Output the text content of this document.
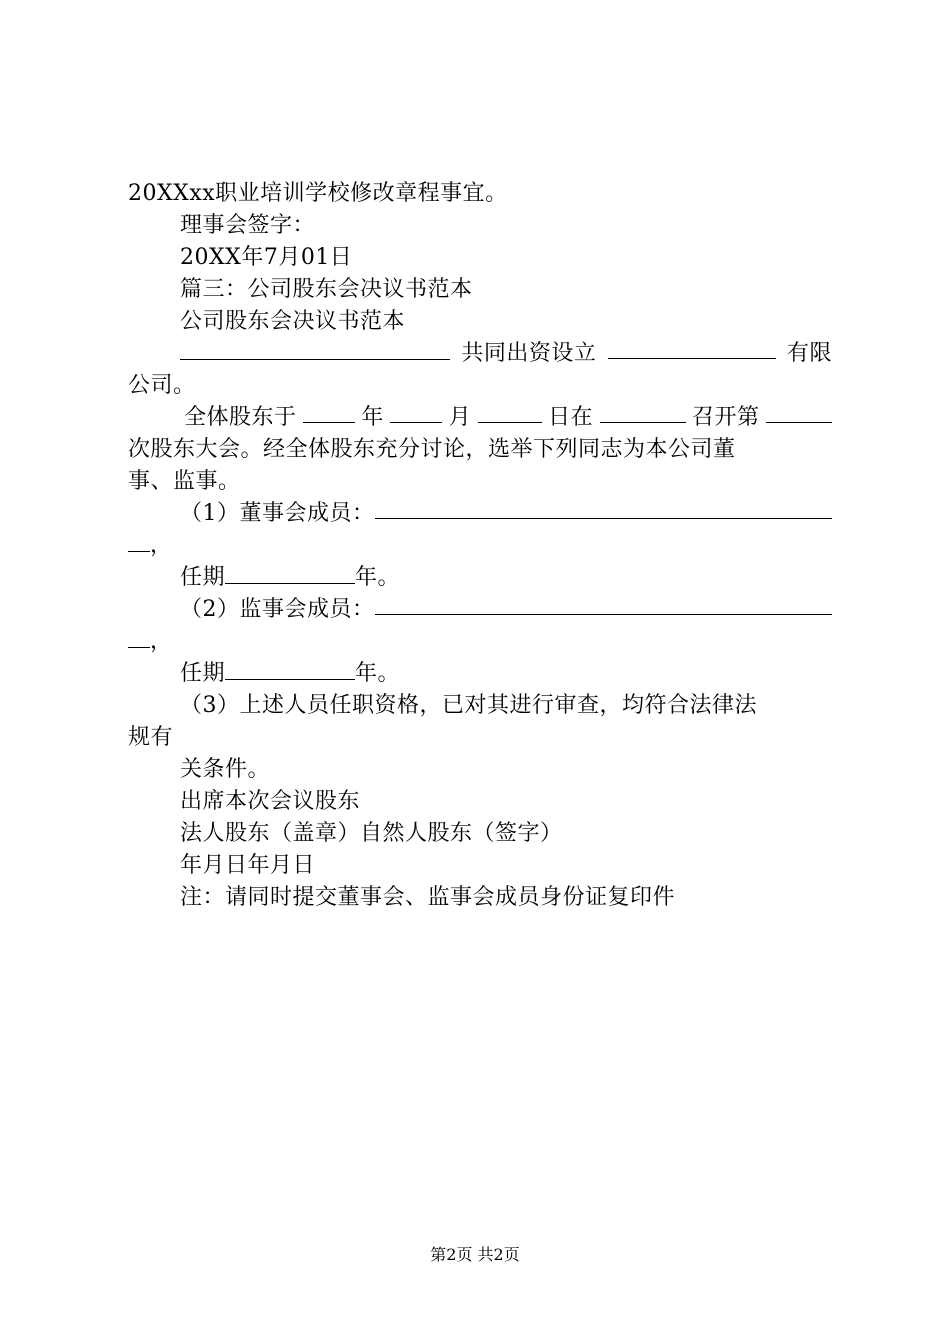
20XXxx职业培训学校修改章程事宜。
理事会签字：
20XX年7月01日
篇三：公司股东会决议书范本
公司股东会决议书范本
共同出资设立	有限
公司。
全体股东于	年	月	日在	召开第
次股东大会。经全体股东充分讨论，选举下列同志为本公司董
事、监事。
（1）董事会成员：
，
任期	年。
（2）监事会成员：
，
任期	年。
（3）上述人员任职资格，已对其进行审查，均符合法律法
规有
关条件。
出席本次会议股东
法人股东（盖章）自然人股东（签字）
年月日年月日
注：请同时提交董事会、监事会成员身份证复印件
第2页 共2页
